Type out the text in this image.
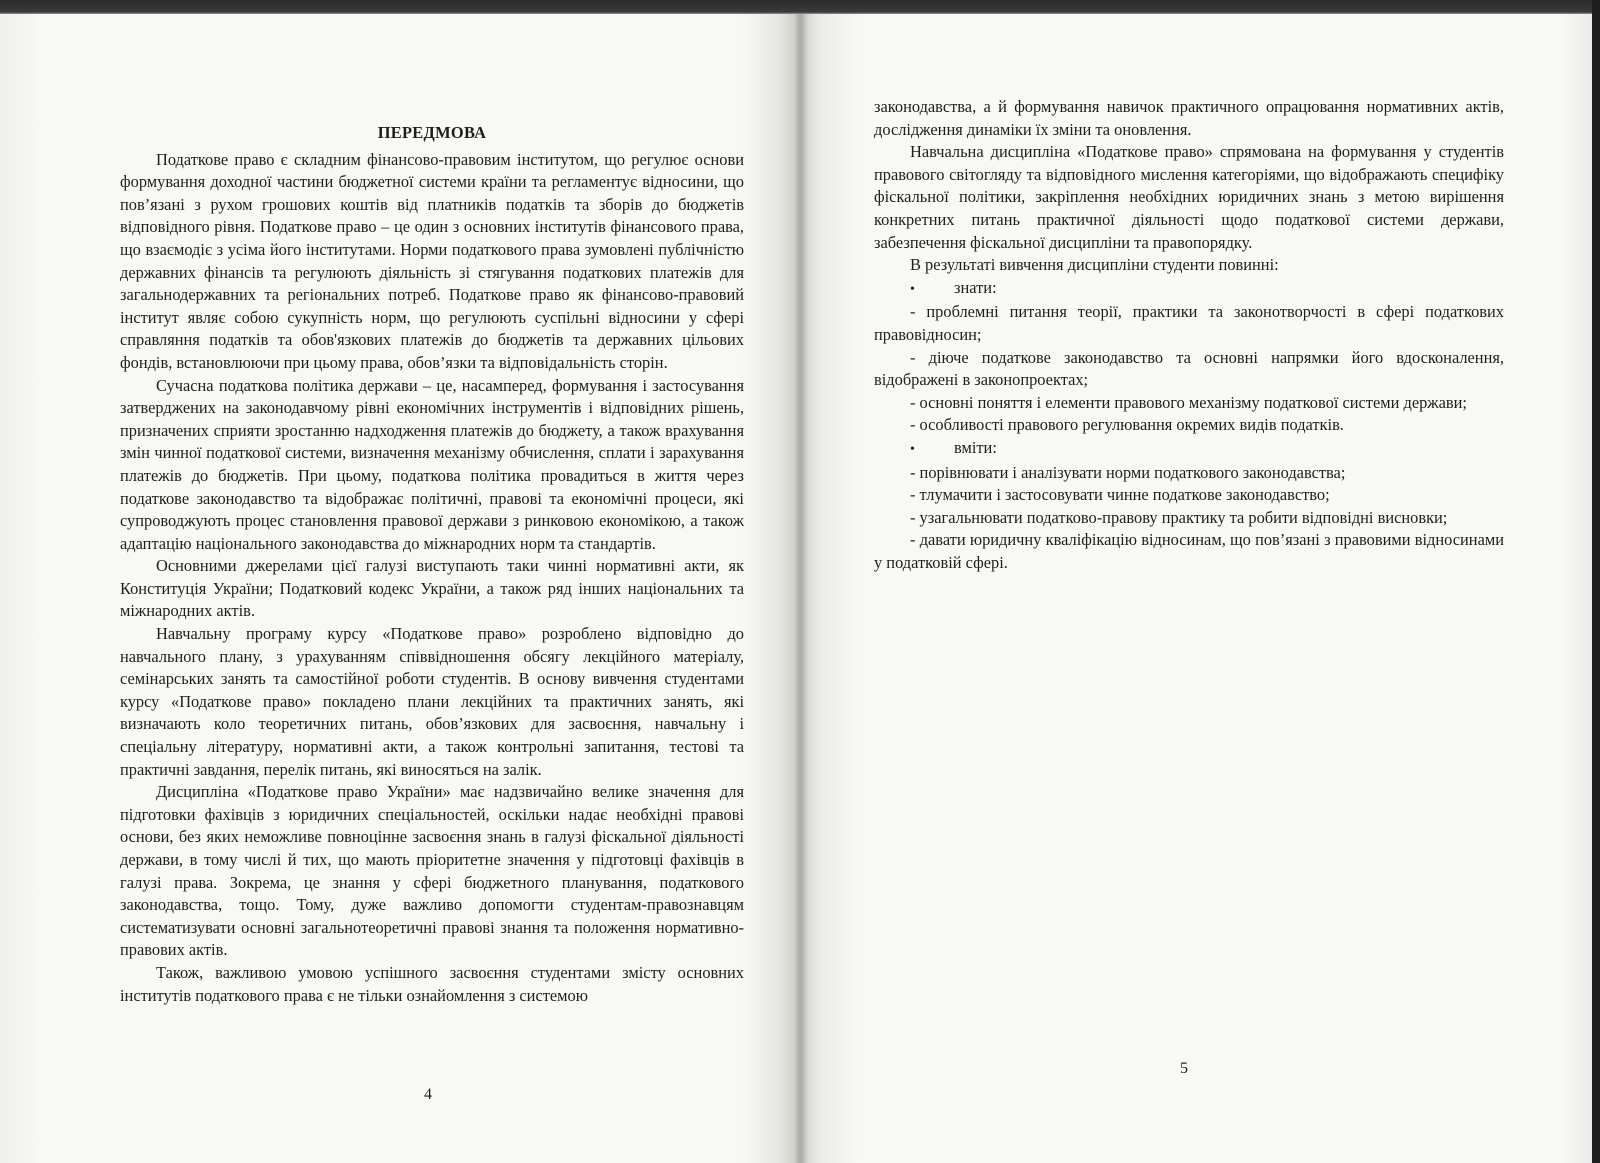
ПЕРЕДМОВА

Податкове право є складним фінансово-правовим інститутом, що регулює основи формування доходної частини бюджетної системи країни та регламентує відносини, що пов’язані з рухом грошових коштів від платників податків та зборів до бюджетів відповідного рівня. Податкове право – це один з основних інститутів фінансового права, що взаємодіє з усіма його інститутами. Норми податкового права зумовлені публічністю державних фінансів та регулюють діяльність зі стягування податкових платежів для загальнодержавних та регіональних потреб. Податкове право як фінансово-правовий інститут являє собою сукупність норм, що регулюють суспільні відносини у сфері справляння податків та обов'язкових платежів до бюджетів та державних цільових фондів, встановлюючи при цьому права, обов’язки та відповідальність сторін.

Сучасна податкова політика держави – це, насамперед, формування і застосування затверджених на законодавчому рівні економічних інструментів і відповідних рішень, призначених сприяти зростанню надходження платежів до бюджету, а також врахування змін чинної податкової системи, визначення механізму обчислення, сплати і зарахування платежів до бюджетів. При цьому, податкова політика провадиться в життя через податкове законодавство та відображає політичні, правові та економічні процеси, які супроводжують процес становлення правової держави з ринковою економікою, а також адаптацію національного законодавства до міжнародних норм та стандартів.

Основними джерелами цієї галузі виступають таки чинні нормативні акти, як Конституція України; Податковий кодекс України, а також ряд інших національних та міжнародних актів.

Навчальну програму курсу «Податкове право» розроблено відповідно до навчального плану, з урахуванням співвідношення обсягу лекційного матеріалу, семінарських занять та самостійної роботи студентів. В основу вивчення студентами курсу «Податкове право» покладено плани лекційних та практичних занять, які визначають коло теоретичних питань, обов’язкових для засвоєння, навчальну і спеціальну літературу, нормативні акти, а також контрольні запитання, тестові та практичні завдання, перелік питань, які виносяться на залік.

Дисципліна «Податкове право України» має надзвичайно велике значення для підготовки фахівців з юридичних спеціальностей, оскільки надає необхідні правові основи, без яких неможливе повноцінне засвоєння знань в галузі фіскальної діяльності держави, в тому числі й тих, що мають пріоритетне значення у підготовці фахівців в галузі права. Зокрема, це знання у сфері бюджетного планування, податкового законодавства, тощо. Тому, дуже важливо допомогти студентам-правознавцям систематизувати основні загальнотеоретичні правові знання та положення нормативно-правових актів.

Також, важливою умовою успішного засвоєння студентами змісту основних інститутів податкового права є не тільки ознайомлення з системою

4
законодавства, а й формування навичок практичного опрацювання нормативних актів, дослідження динаміки їх зміни та оновлення.

Навчальна дисципліна «Податкове право» спрямована на формування у студентів правового світогляду та відповідного мислення категоріями, що відображають специфіку фіскальної політики, закріплення необхідних юридичних знань з метою вирішення конкретних питань практичної діяльності щодо податкової системи держави, забезпечення фіскальної дисципліни та правопорядку.

В результаті вивчення дисципліни студенти повинні:

• знати:

- проблемні питання теорії, практики та законотворчості в сфері податкових правовідносин;

- діюче податкове законодавство та основні напрямки його вдосконалення, відображені в законопроектах;

- основні поняття і елементи правового механізму податкової системи держави;

- особливості правового регулювання окремих видів податків.

• вміти:

- порівнювати і аналізувати норми податкового законодавства;

- тлумачити і застосовувати чинне податкове законодавство;

- узагальнювати податково-правову практику та робити відповідні висновки;

- давати юридичну кваліфікацію відносинам, що пов’язані з правовими відносинами у податковій сфері.

5
